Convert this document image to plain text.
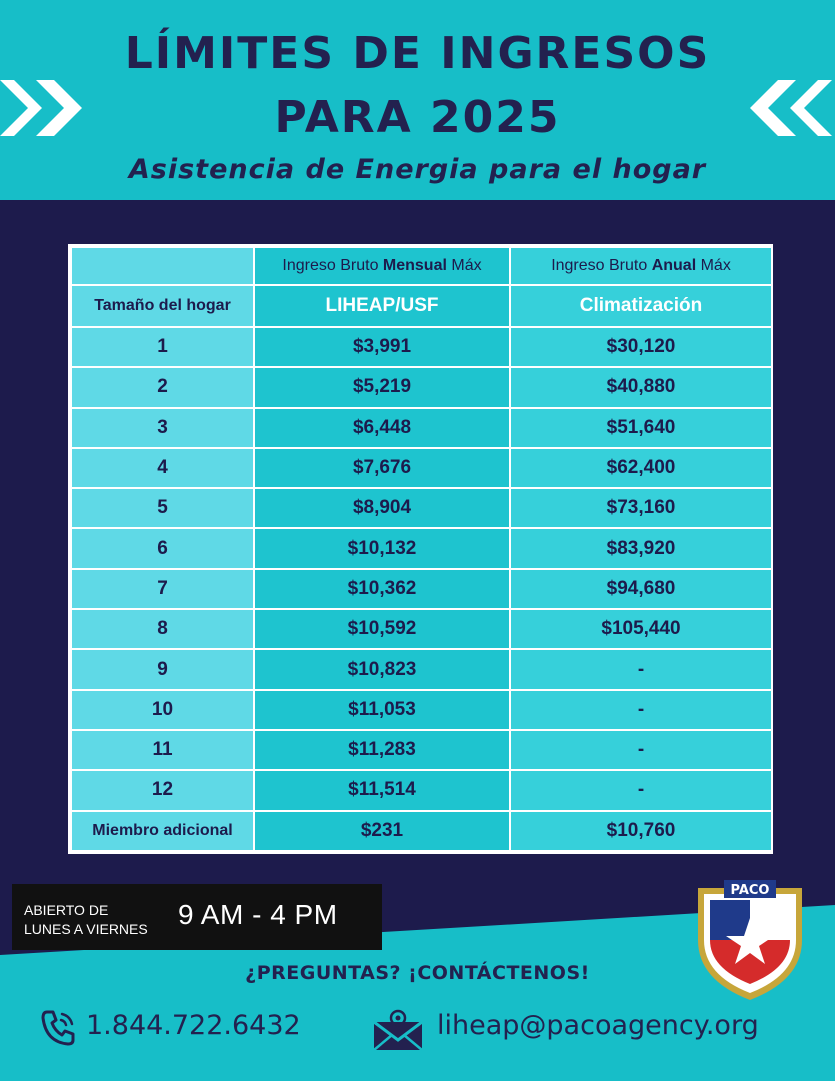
LÍMITES DE INGRESOS
PARA 2025
Asistencia de Energia para el hogar
	Ingreso Bruto Mensual Máx	Ingreso Bruto Anual Máx
Tamaño del hogar	LIHEAP/USF	Climatización
1	$3,991	$30,120
2	$5,219	$40,880
3	$6,448	$51,640
4	$7,676	$62,400
5	$8,904	$73,160
6	$10,132	$83,920
7	$10,362	$94,680
8	$10,592	$105,440
9	$10,823	-
10	$11,053	-
11	$11,283	-
12	$11,514	-
Miembro adicional	$231	$10,760
ABIERTO DE
LUNES A VIERNES 9 AM - 4 PM
PACO
¿PREGUNTAS? ¡CONTÁCTENOS!
1.844.722.6432	liheap@pacoagency.org
